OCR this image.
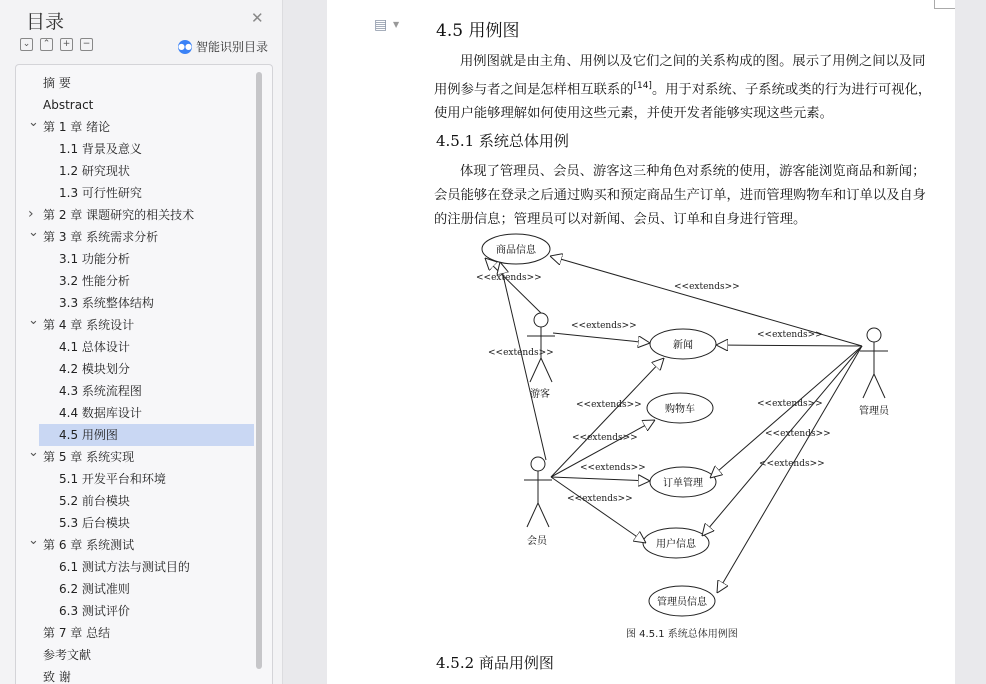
目录	✕
⌄	⌃	+	−	●● 智能识别目录
摘 要
Abstract
⌄ 第 1 章 绪论
1.1 背景及意义
1.2 研究现状
1.3 可行性研究
› 第 2 章 课题研究的相关技术
⌄ 第 3 章 系统需求分析
3.1 功能分析
3.2 性能分析
3.3 系统整体结构
⌄ 第 4 章 系统设计
4.1 总体设计
4.2 模块划分
4.3 系统流程图
4.4 数据库设计
4.5 用例图
⌄ 第 5 章 系统实现
5.1 开发平台和环境
5.2 前台模块
5.3 后台模块
⌄ 第 6 章 系统测试
6.1 测试方法与测试目的
6.2 测试准则
6.3 测试评价
第 7 章 总结
参考文献
致 谢
▤ ▼ 4.5 用例图
用例图就是由主角、用例以及它们之间的关系构成的图。展示了用例之间以及同用例参与者之间是怎样相互联系的[14]。用于对系统、子系统或类的行为进行可视化，使用户能够理解如何使用这些元素，并使开发者能够实现这些元素。
4.5.1 系统总体用例
体现了管理员、会员、游客这三种角色对系统的使用，游客能浏览商品和新闻；会员能够在登录之后通过购买和预定商品生产订单，进而管理购物车和订单以及自身的注册信息；管理员可以对新闻、会员、订单和自身进行管理。
商品信息
新闻
购物车
订单管理
用户信息
管理员信息
游客
会员
管理员
<<extends>>
<<extends>>
<<extends>>
<<extends>>
<<extends>>
<<extends>>	<<extends>>
<<extends>>	<<extends>>
<<extends>>
<<extends>>
<<extends>>
图 4.5.1 系统总体用例图
4.5.2 商品用例图
